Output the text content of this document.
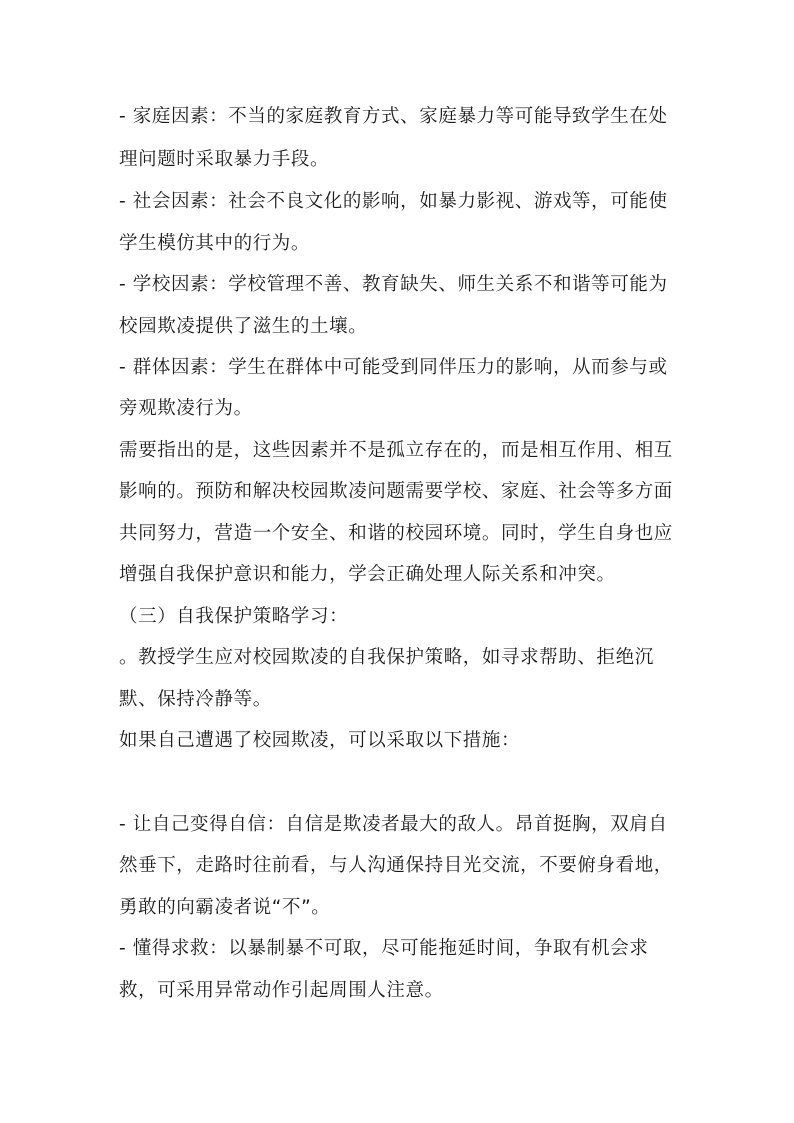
- 家庭因素：不当的家庭教育方式、家庭暴力等可能导致学生在处
理问题时采取暴力手段。
- 社会因素：社会不良文化的影响，如暴力影视、游戏等，可能使
学生模仿其中的行为。
- 学校因素：学校管理不善、教育缺失、师生关系不和谐等可能为
校园欺凌提供了滋生的土壤。
- 群体因素：学生在群体中可能受到同伴压力的影响，从而参与或
旁观欺凌行为。
需要指出的是，这些因素并不是孤立存在的，而是相互作用、相互
影响的。预防和解决校园欺凌问题需要学校、家庭、社会等多方面
共同努力，营造一个安全、和谐的校园环境。同时，学生自身也应
增强自我保护意识和能力，学会正确处理人际关系和冲突。
（三）自我保护策略学习：
。教授学生应对校园欺凌的自我保护策略，如寻求帮助、拒绝沉
默、保持冷静等。
如果自己遭遇了校园欺凌，可以采取以下措施：
- 让自己变得自信：自信是欺凌者最大的敌人。昂首挺胸，双肩自
然垂下，走路时往前看，与人沟通保持目光交流，不要俯身看地，
勇敢的向霸凌者说“不”。
- 懂得求救：以暴制暴不可取，尽可能拖延时间，争取有机会求
救，可采用异常动作引起周围人注意。
